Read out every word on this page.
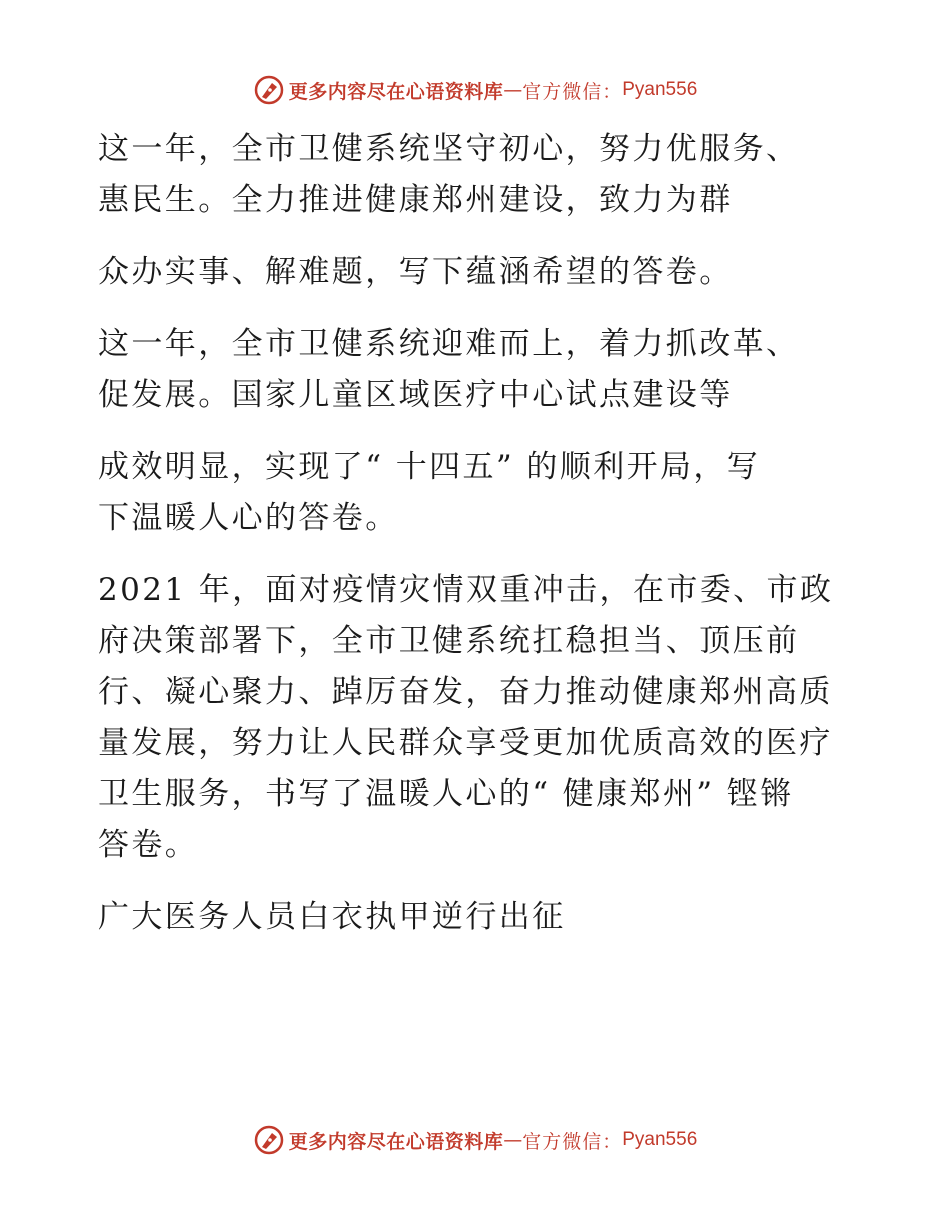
更多内容尽在心语资料库 — 官方微信： Pyan556

这一年，全市卫健系统坚守初心，努力优服务、
惠民生。全力推进健康郑州建设，致力为群

众办实事、解难题，写下蕴涵希望的答卷。

这一年，全市卫健系统迎难而上，着力抓改革、
促发展。国家儿童区域医疗中心试点建设等

成效明显，实现了“ 十四五” 的顺利开局，写
下温暖人心的答卷。

2021 年，面对疫情灾情双重冲击，在市委、市政
府决策部署下，全市卫健系统扛稳担当、顶压前
行、凝心聚力、踔厉奋发，奋力推动健康郑州高质
量发展，努力让人民群众享受更加优质高效的医疗
卫生服务，书写了温暖人心的“ 健康郑州” 铿锵
答卷。

广大医务人员白衣执甲逆行出征

更多内容尽在心语资料库 — 官方微信： Pyan556
